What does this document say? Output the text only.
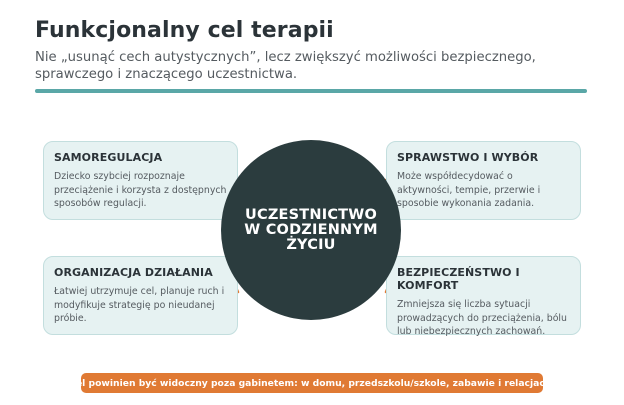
Funkcjonalny cel terapii
Nie „usunąć cech autystycznych”, lecz zwiększyć możliwości bezpiecznego, sprawczego i znaczącego uczestnictwa.
SAMOREGULACJA
Dziecko szybciej rozpoznaje przeciążenie i korzysta z dostępnych sposobów regulacji.
ORGANIZACJA DZIAŁANIA
Łatwiej utrzymuje cel, planuje ruch i modyfikuje strategię po nieudanej próbie.
SPRAWSTWO I WYBÓR
Może współdecydować o aktywności, tempie, przerwie i sposobie wykonania zadania.
BEZPIECZEŃSTWO I KOMFORT
Zmniejsza się liczba sytuacji prowadzących do przeciążenia, bólu lub niebezpiecznych zachowań.
UCZESTNICTWO W CODZIENNYM ŻYCIU
Cel powinien być widoczny poza gabinetem: w domu, przedszkolu/szkole, zabawie i relacjach.
